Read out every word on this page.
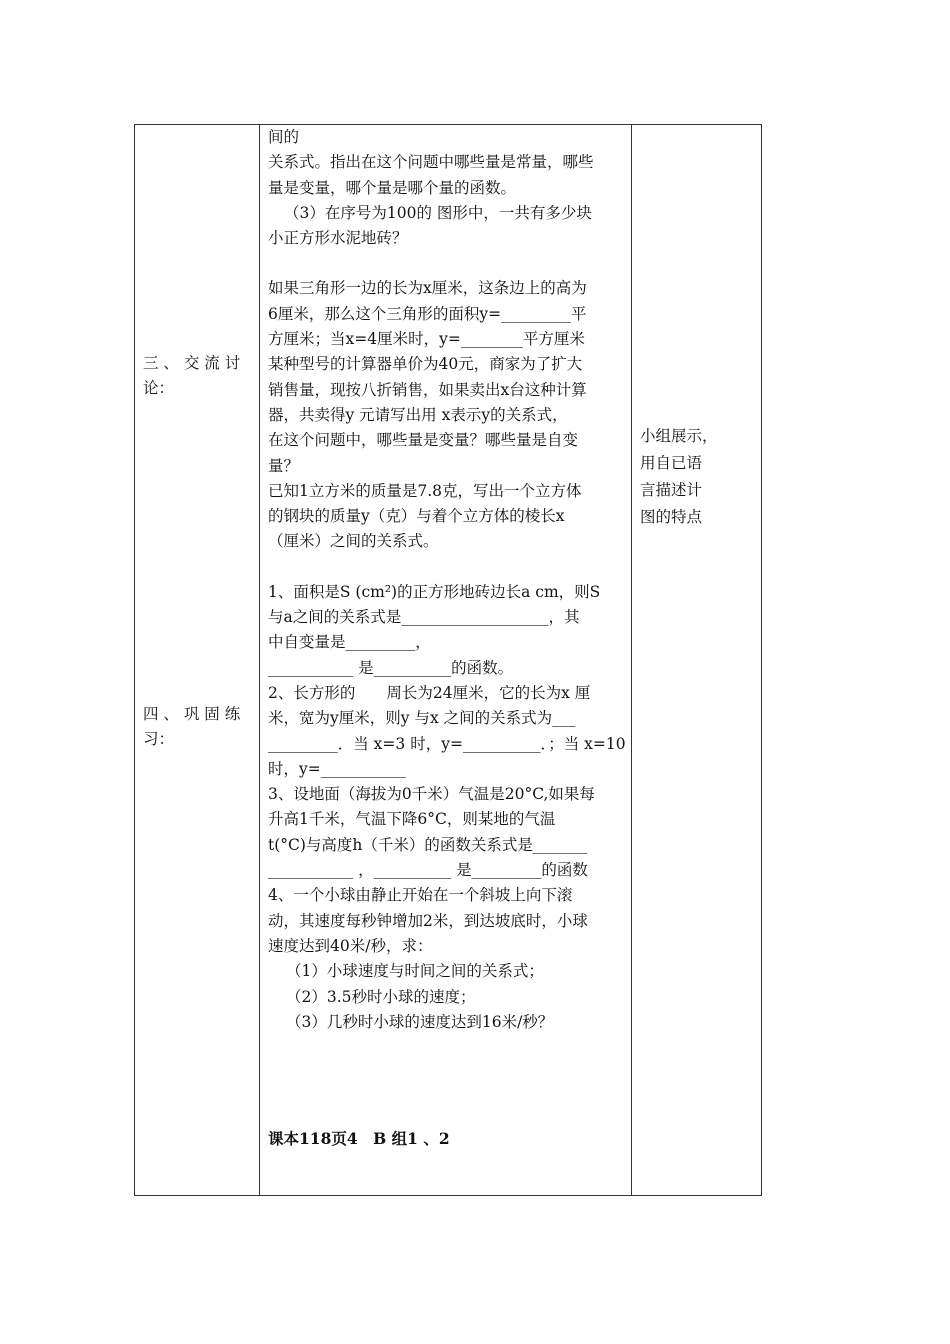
三 、 交 流 讨
论：
四 、 巩 固 练
习：

间的

关系式。指出在这个问题中哪些量是常量，哪些

量是变量，哪个量是哪个量的函数。

（3）在序号为100的 图形中，一共有多少块

小正方形水泥地砖？

如果三角形一边的长为x厘米，这条边上的高为

6厘米，那么这个三角形的面积y=_________平

方厘米；当x=4厘米时，y=________平方厘米

某种型号的计算器单价为40元，商家为了扩大

销售量，现按八折销售，如果卖出x台这种计算

器，共卖得y 元请写出用 x表示y的关系式，

在这个问题中，哪些量是变量？哪些量是自变

量？

已知1立方米的质量是7.8克，写出一个立方体

的钢块的质量y（克）与着个立方体的棱长x

（厘米）之间的关系式。

1、面积是S (cm²)的正方形地砖边长a cm，则S

与a之间的关系式是___________________，其

中自变量是_________，

___________ 是__________的函数。

2、长方形的　　周长为24厘米，它的长为x 厘

米，宽为y厘米，则y 与x 之间的关系式为___

_________．当 x=3 时，y=__________．；当 x=10

时，y=___________

3、设地面（海拔为0千米）气温是20°C,如果每

升高1千米，气温下降6°C，则某地的气温

t(°C)与高度h（千米）的函数关系式是_______

___________ ，__________ 是_________的函数

4、一个小球由静止开始在一个斜坡上向下滚

动，其速度每秒钟增加2米，到达坡底时，小球

速度达到40米/秒，求：

（1）小球速度与时间之间的关系式；

（2）3.5秒时小球的速度；

（3）几秒时小球的速度达到16米/秒？

课本118页4　B 组1 、2

小组展示，

用自已语

言描述计

图的特点
